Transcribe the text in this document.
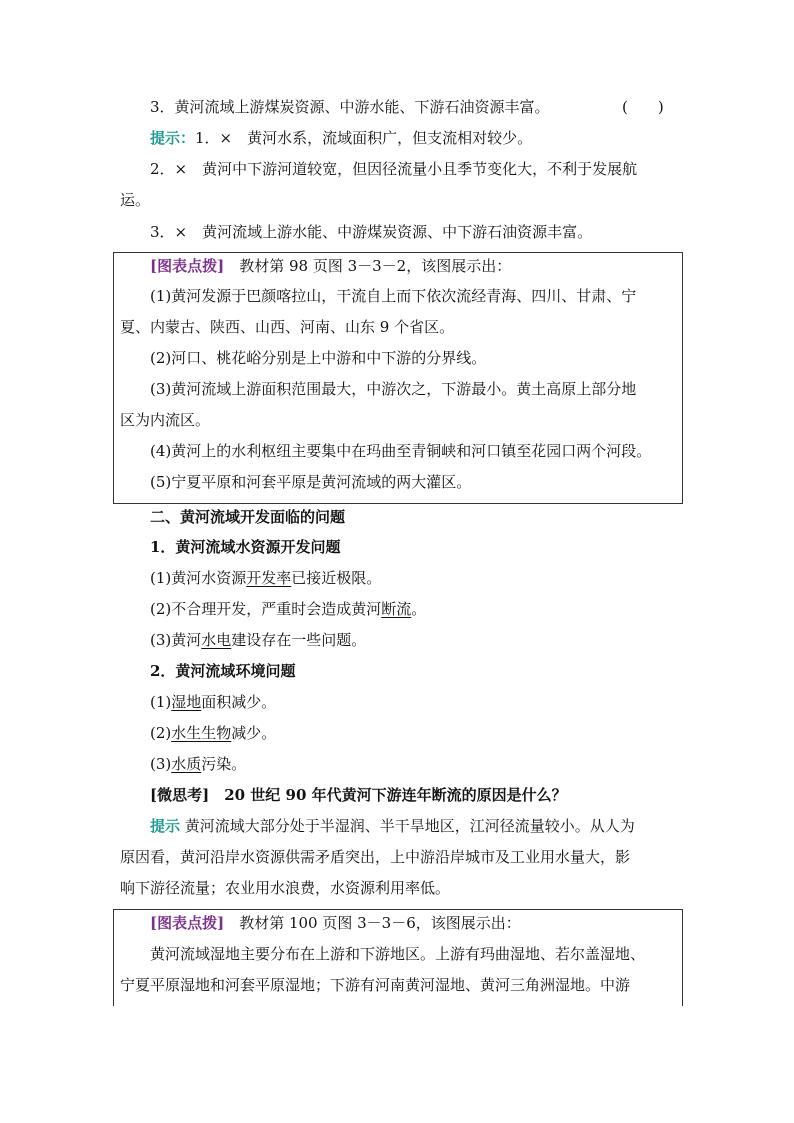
3．黄河流域上游煤炭资源、中游水能、下游石油资源丰富。	(　　)
提示：1．×　黄河水系，流域面积广，但支流相对较少。
2．×　黄河中下游河道较宽，但因径流量小且季节变化大，不利于发展航
运。
3．×　黄河流域上游水能、中游煤炭资源、中下游石油资源丰富。
[图表点拨]　教材第 98 页图 3－3－2，该图展示出：
(1)黄河发源于巴颜喀拉山，干流自上而下依次流经青海、四川、甘肃、宁
夏、内蒙古、陕西、山西、河南、山东 9 个省区。
(2)河口、桃花峪分别是上中游和中下游的分界线。
(3)黄河流域上游面积范围最大，中游次之，下游最小。黄土高原上部分地
区为内流区。
(4)黄河上的水利枢纽主要集中在玛曲至青铜峡和河口镇至花园口两个河段。
(5)宁夏平原和河套平原是黄河流域的两大灌区。
二、黄河流域开发面临的问题
1．黄河流域水资源开发问题
(1)黄河水资源开发率已接近极限。
(2)不合理开发，严重时会造成黄河断流。
(3)黄河水电建设存在一些问题。
2．黄河流域环境问题
(1)湿地面积减少。
(2)水生生物减少。
(3)水质污染。
[微思考]　20 世纪 90 年代黄河下游连年断流的原因是什么？
提示 黄河流域大部分处于半湿润、半干旱地区，江河径流量较小。从人为
原因看，黄河沿岸水资源供需矛盾突出，上中游沿岸城市及工业用水量大，影
响下游径流量；农业用水浪费，水资源利用率低。
[图表点拨]　教材第 100 页图 3－3－6，该图展示出：
黄河流域湿地主要分布在上游和下游地区。上游有玛曲湿地、若尔盖湿地、
宁夏平原湿地和河套平原湿地；下游有河南黄河湿地、黄河三角洲湿地。中游
